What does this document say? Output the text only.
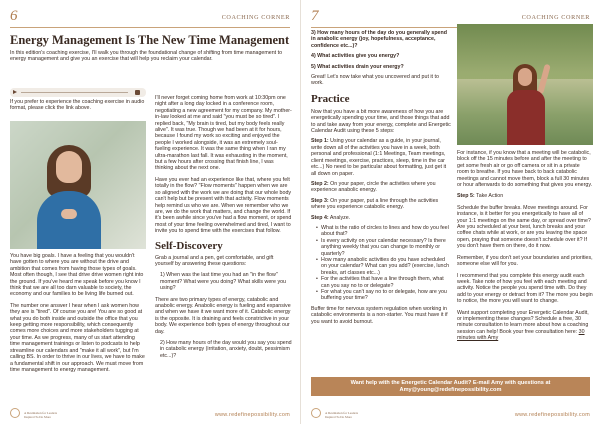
6	COACHING CORNER
Energy Management Is The New Time Management

In this edition's coaching exercise, I'll walk you through the foundational change of shifting from time management to energy management and give you an exercise that will help you reclaim your calendar.

If you prefer to experience the coaching exercise in audio format, please click the link above.

You have big goals. I have a feeling that you wouldn't have gotten to where you are without the drive and ambition that comes from having those types of goals. Most often though, I see that drive drive women right into the ground. If you've heard me speak before you know I think that we are all too darn valuable to society, the economy and our families to be living life burned out.

The number one answer I hear when I ask women how they are is "tired". Of course you are! You are so good at what you do both inside and outside the office that you keep getting more responsibility, which consequently comes more choices and more stakeholders tugging at your time. As we progress, many of us start attending time management trainings or listen to podcasts to help streamline our calendars and "make it all work", but I'm calling BS. In order to thrive in our lives, we have to make a fundamental shift in our approach. We must move from time management to energy management.

I'll never forget coming home from work at 10:30pm one night after a long day locked in a conference room, negotiating a new agreement for my company. My mother-in-law looked at me and said "you must be so tired". I replied back, "My brain is tired, but my body feels really alive". It was true. Though we had been at it for hours, because I found my work so exciting and enjoyed the people I worked alongside, it was an extremely soul-fueling experience. It was the same thing when I ran my ultra-marathon last fall. It was exhausting in the moment, but a few hours after crossing that finish line, I was thinking about the next one.

Have you ever had an experience like that, where you felt totally in the flow? "Flow moments" happen when we are so aligned with the work we are doing that our whole body can't help but be present with that activity. Flow moments help remind us who we are. When we remember who we are, we do the work that matters, and change the world. If it's been awhile since you've had a flow moment, or spend most of your time feeling overwhelmed and tired, I want to invite you to spend time with the exercises that follow.

Self-Discovery

Grab a journal and a pen, get comfortable, and gift yourself by answering these questions:

1) When was the last time you had an "in the flow" moment? What were you doing? What skills were you using?

There are two primary types of energy, catabolic and anabolic energy. Anabolic energy is fueling and expansive and when we have it we want more of it. Catabolic energy is the opposite. It is draining and feels constrictive in your body. We experience both types of energy throughout our day.

2) How many hours of the day would you say you spend in catabolic energy (irritation, anxiety, doubt, pessimism etc...)?

A Destination for Leaders
Inspired To Do More	www.redefinepossibility.com
7	COACHING CORNER

3) How many hours of the day do you generally spend in anabolic energy (joy, hopefulness, acceptance, confidence etc...)?

4) What activities give you energy?

5) What activities drain your energy?

Great! Let's now take what you uncovered and put it to work.

Practice

Now that you have a bit more awareness of how you are energetically spending your time, and those things that add to and take away from your energy, complete and Energetic Calendar Audit using these 5 steps:

Step 1: Using your calendar as a guide, in your journal, write down all of the activities you have in a week, both personal and professional (1:1 Meetings, Team meetings, client meetings, exercise, practices, sleep, time in the car etc...) No need to be particular about formatting, just get it all down on paper.

Step 2: On your paper, circle the activities where you experience anabolic energy.

Step 3: On your paper, put a line through the activities where you experience catabolic energy.

Step 4: Analyze.

• What is the ratio of circles to lines and how do you feel about that?
• Is every activity on your calendar necessary? Is there anything weekly that you can change to monthly or quarterly?
• How many anabolic activities do you have scheduled on your calendar? What can you add? (exercise, lunch breaks, art classes etc...)
• For the activities that have a line through them, what can you say no to or delegate?
• For what you can't say no to or delegate, how are you buffering your time?

Buffer time for nervous system regulation when working in catabolic environments is a non-starter. You must have it if you want to avoid burnout.

For instance, if you know that a meeting will be catabolic, block off the 15 minutes before and after the meeting to get some fresh air or go off camera or sit in a private room to breathe. If you have back to back catabolic meetings and cannot move them, block a full 30 minutes or hour afterwards to do something that gives you energy.

Step 5: Take Action

Schedule the buffer breaks. Move meetings around. For instance, is it better for you energetically to have all of your 1:1 meetings on the same day, or spread over time? Are you scheduled at your best, lunch breaks and your coffee chats while at work, or are you leaving the space open, praying that someone doesn't schedule over it? If you don't have them on there, do it now.

Remember, if you don't set your boundaries and priorities, someone else will for you.

I recommend that you complete this energy audit each week. Take note of how you feel with each meeting and activity. Notice the people you spend time with. Do they add to your energy or detract from it? The more you begin to notice, the more you will want to change.

Want support completing your Energetic Calendar Audit, or implementing these changes? Schedule a free, 30 minute consultation to learn more about how a coaching session can help! Book your free consultation here: 30 minutes with Amy

Want help with the Energetic Calendar Audit? E-mail Amy with questions at
Amy@young@redefinepossibility.com

A Destination for Leaders
Inspired To Do More	www.redefinepossibility.com
